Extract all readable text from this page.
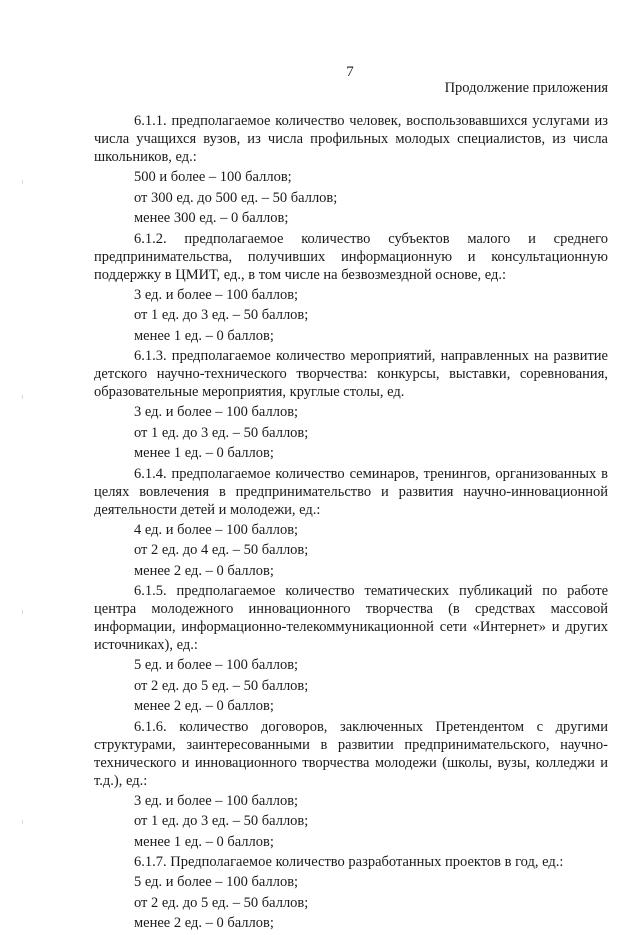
7
Продолжение приложения

6.1.1. предполагаемое количество человек, воспользовавшихся услугами из числа учащихся вузов, из числа профильных молодых специалистов, из числа школьников, ед.:

500 и более – 100 баллов;
от 300 ед. до 500 ед. – 50 баллов;
менее 300 ед. – 0 баллов;

6.1.2. предполагаемое количество субъектов малого и среднего предпринимательства, получивших информационную и консультационную поддержку в ЦМИТ, ед., в том числе на безвозмездной основе, ед.:

3 ед. и более – 100 баллов;
от 1 ед. до 3 ед. – 50 баллов;
менее 1 ед. – 0 баллов;

6.1.3. предполагаемое количество мероприятий, направленных на развитие детского научно-технического творчества: конкурсы, выставки, соревнования, образовательные мероприятия, круглые столы, ед.

3 ед. и более – 100 баллов;
от 1 ед. до 3 ед. – 50 баллов;
менее 1 ед. – 0 баллов;

6.1.4. предполагаемое количество семинаров, тренингов, организованных в целях вовлечения в предпринимательство и развития научно-инновационной деятельности детей и молодежи, ед.:

4 ед. и более – 100 баллов;
от 2 ед. до 4 ед. – 50 баллов;
менее 2 ед. – 0 баллов;

6.1.5. предполагаемое количество тематических публикаций по работе центра молодежного инновационного творчества (в средствах массовой информации, информационно-телекоммуникационной сети «Интернет» и других источниках), ед.:

5 ед. и более – 100 баллов;
от 2 ед. до 5 ед. – 50 баллов;
менее 2 ед. – 0 баллов;

6.1.6. количество договоров, заключенных Претендентом с другими структурами, заинтересованными в развитии предпринимательского, научно-технического и инновационного творчества молодежи (школы, вузы, колледжи и т.д.), ед.:

3 ед. и более – 100 баллов;
от 1 ед. до 3 ед. – 50 баллов;
менее 1 ед. – 0 баллов;

6.1.7. Предполагаемое количество разработанных проектов в год, ед.:

5 ед. и более – 100 баллов;
от 2 ед. до 5 ед. – 50 баллов;
менее 2 ед. – 0 баллов;
